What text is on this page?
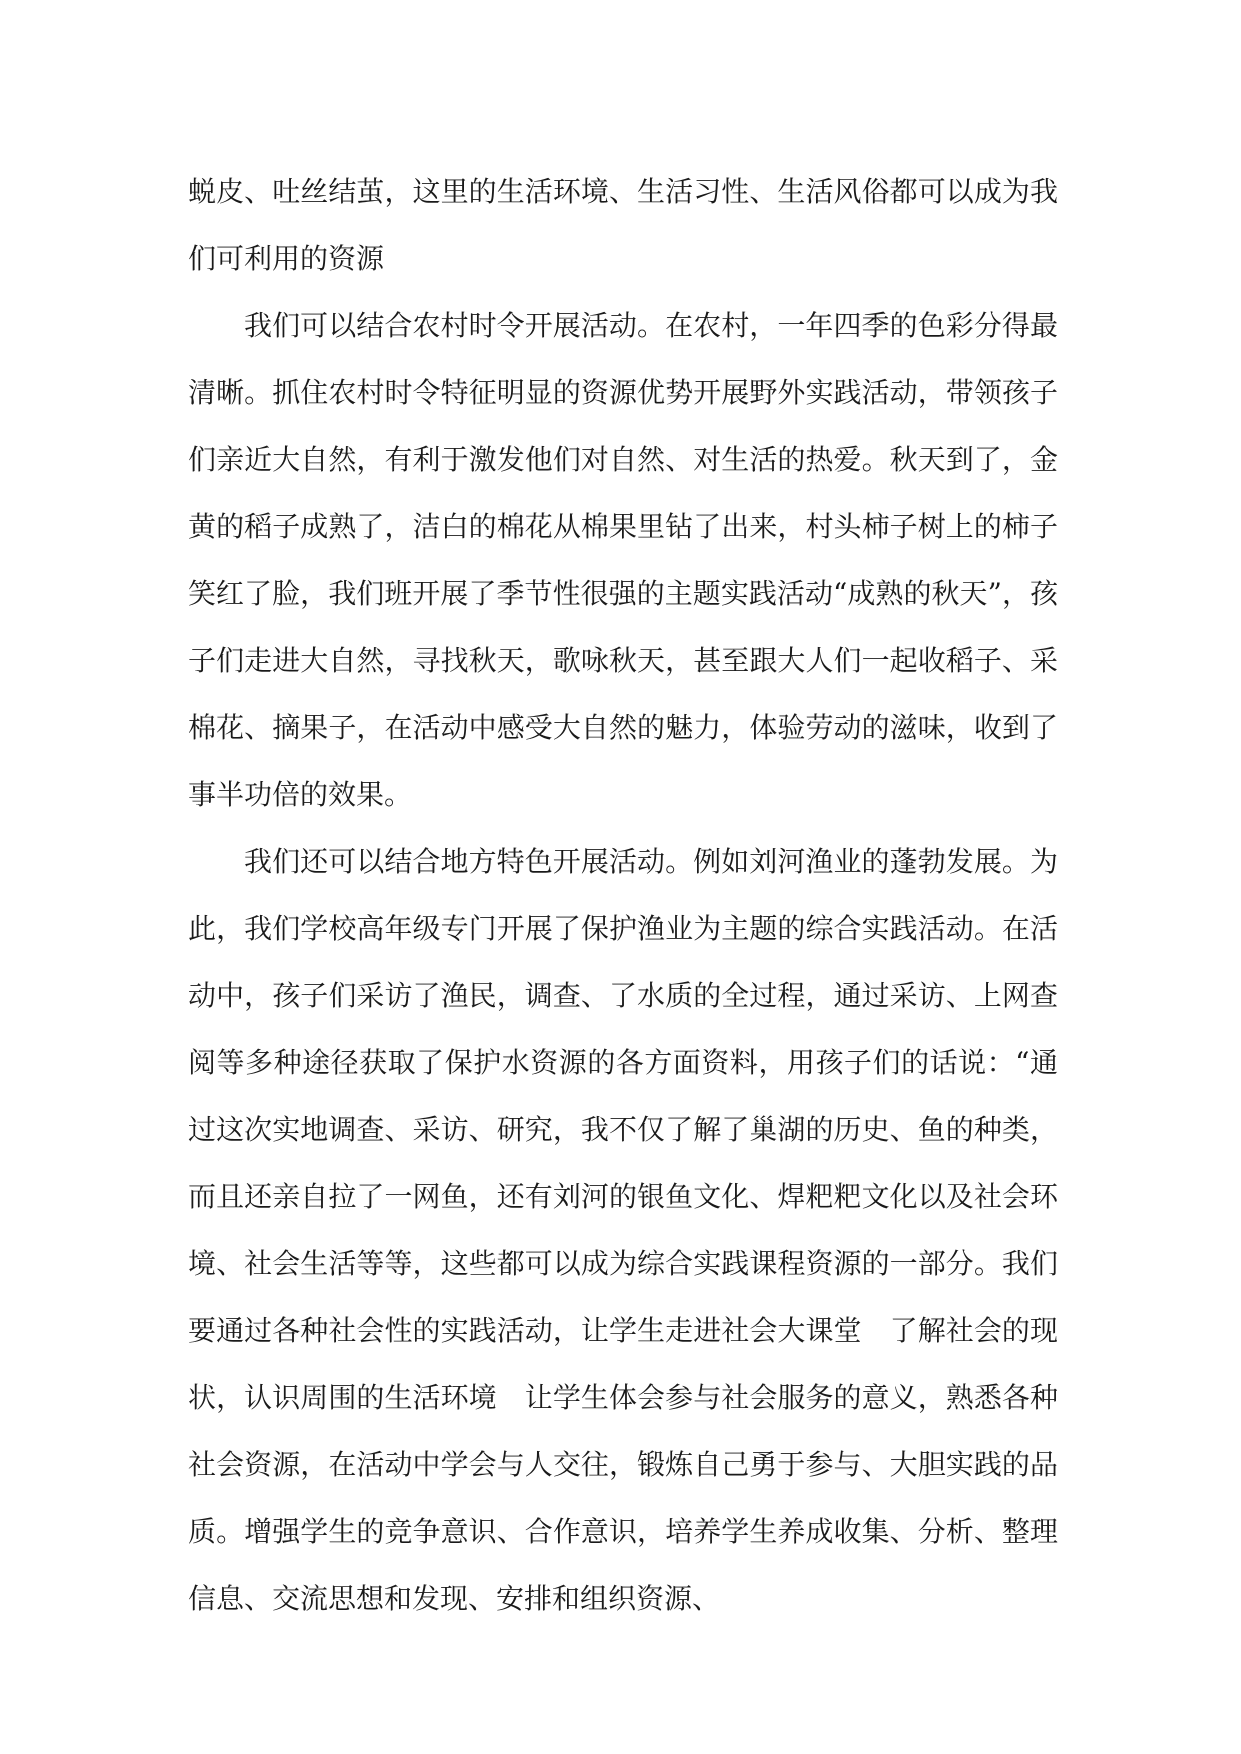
蜕皮、吐丝结茧，这里的生活环境、生活习性、生活风俗都可以成为我们可利用的资源

我们可以结合农村时令开展活动。在农村，一年四季的色彩分得最清晰。抓住农村时令特征明显的资源优势开展野外实践活动，带领孩子们亲近大自然，有利于激发他们对自然、对生活的热爱。秋天到了，金黄的稻子成熟了，洁白的棉花从棉果里钻了出来，村头柿子树上的柿子笑红了脸，我们班开展了季节性很强的主题实践活动“成熟的秋天”，孩子们走进大自然，寻找秋天，歌咏秋天，甚至跟大人们一起收稻子、采棉花、摘果子，在活动中感受大自然的魅力，体验劳动的滋味，收到了事半功倍的效果。

我们还可以结合地方特色开展活动。例如刘河渔业的蓬勃发展。为此，我们学校高年级专门开展了保护渔业为主题的综合实践活动。在活动中，孩子们采访了渔民，调查、了水质的全过程，通过采访、上网查阅等多种途径获取了保护水资源的各方面资料，用孩子们的话说：“通过这次实地调查、采访、研究，我不仅了解了巢湖的历史、鱼的种类，而且还亲自拉了一网鱼，还有刘河的银鱼文化、焊粑粑文化以及社会环境、社会生活等等，这些都可以成为综合实践课程资源的一部分。我们要通过各种社会性的实践活动，让学生走进社会大课堂　了解社会的现状，认识周围的生活环境　让学生体会参与社会服务的意义，熟悉各种社会资源，在活动中学会与人交往，锻炼自己勇于参与、大胆实践的品质。增强学生的竞争意识、合作意识，培养学生养成收集、分析、整理信息、交流思想和发现、安排和组织资源、
